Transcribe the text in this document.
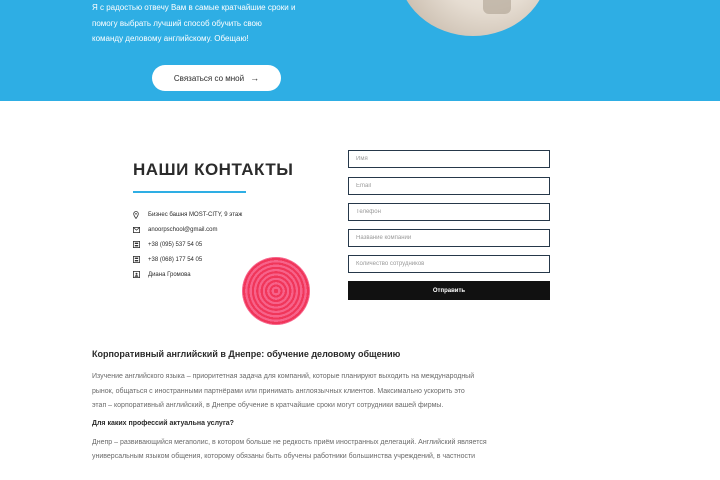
Я с радостью отвечу Вам в самые кратчайшие сроки и
помогу выбрать лучший способ обучить свою
команду деловому английскому. Обещаю!
Связаться со мной →
НАШИ КОНТАКТЫ
Бизнес башня MOST-CITY, 9 этаж
anoorpschool@gmail.com
+38 (095) 537 54 05
+38 (068) 177 54 05
Диана Громова
Имя
Email
Телефон
Название компании
Количество сотрудников
Отправить
Корпоративный английский в Днепре: обучение деловому общению

Изучение английского языка – приоритетная задача для компаний, которые планируют выходить на международный
рынок, общаться с иностранными партнёрами или принимать англоязычных клиентов. Максимально ускорить это
этап – корпоративный английский, в Днепре обучение в кратчайшие сроки могут сотрудники вашей фирмы.

Для каких профессий актуальна услуга?

Днепр – развивающийся мегаполис, в котором больше не редкость приём иностранных делегаций. Английский является
универсальным языком общения, которому обязаны быть обучены работники большинства учреждений, в частности
